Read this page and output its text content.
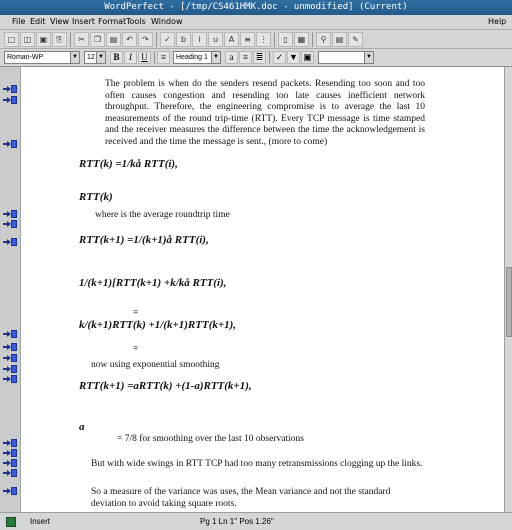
WordPerfect - [/tmp/CS461HMK.doc - unmodified] (Current)
File Edit View Insert Format Tools Window	Help
□	◫	▣	⎘	✂	❐	▤	↶	↷	✓	b	i	u	A	≡	⋮	▯	▦	⚲	▤	✎
Roman-WP	▼	12 ▼	B	I	U	≡	Heading 1 ▼	a	≡ ≣	✓ ▼ ▣	▼

The problem is when do the senders resend packets. Resending too soon and too often causes congestion and resending too late causes inefficient network throughput. Therefore, the engineering compromise is to average the last 10 measurements of the round trip-time (RTT). Every TCP message is time stamped and the receiver measures the difference between the time the acknowledgement is received and the time the message is sent., (more to come)

RTT(k) =1/kå RTT(i),
RTT(k)

where is the average roundtrip time

RTT(k+1) =1/(k+1)å RTT(i),
1/(k+1)[RTT(k+1) +k/kå RTT(i),
=
k/(k+1)RTT(k) +1/(k+1)RTT(k+1),
=

now using exponential smoothing

RTT(k+1) =aRTT(k) +(1-a)RTT(k+1),
a

= 7/8 for smoothing over the last 10 observations

But with wide swings in RTT TCP had too many retransmissions clogging up the links.

So a measure of the variance was uses, the Mean variance and not the standard deviation to avoid taking square roots.

Insert	Pg 1 Ln 1" Pos 1.26"
